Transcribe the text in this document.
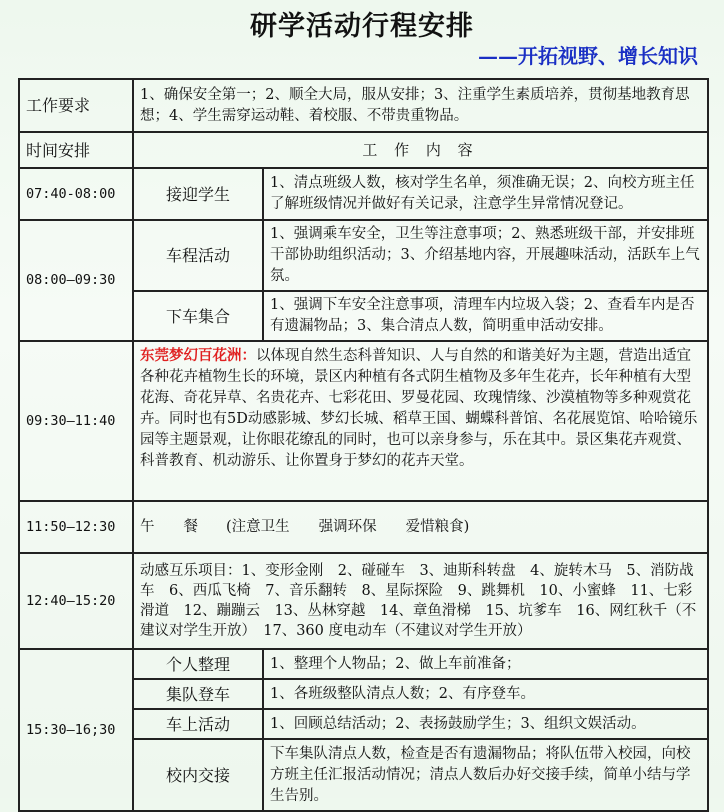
研学活动行程安排
——开拓视野、增长知识
工作要求	1、确保安全第一；2、顺全大局，服从安排；3、注重学生素质培养，贯彻基地教育思想；4、学生需穿运动鞋、着校服、不带贵重物品。	
时间安排	工 作 内 容	
07:40-08:00	接迎学生	1、清点班级人数，核对学生名单，须准确无误；2、向校方班主任了解班级情况并做好有关记录，注意学生异常情况登记。
08:00—09:30	车程活动	1、强调乘车安全，卫生等注意事项；2、熟悉班级干部，并安排班干部协助组织活动；3、介绍基地内容，开展趣味活动，活跃车上气氛。
	下车集合	1、强调下车安全注意事项，清理车内垃圾入袋；2、查看车内是否有遗漏物品；3、集合清点人数，简明重申活动安排。
09:30—11:40	东莞梦幻百花洲：以体现自然生态科普知识、人与自然的和谐美好为主题，营造出适宜各种花卉植物生长的环境，景区内种植有各式阴生植物及多年生花卉，长年种植有大型花海、奇花异草、名贵花卉、七彩花田、罗曼花园、玫瑰情缘、沙漠植物等多种观赏花卉。同时也有5D动感影城、梦幻长城、稻草王国、蝴蝶科普馆、名花展览馆、哈哈镜乐园等主题景观，让你眼花缭乱的同时，也可以亲身参与，乐在其中。景区集花卉观赏、科普教育、机动游乐、让你置身于梦幻的花卉天堂。	
11:50—12:30	午　　餐 (注意卫生　　强调环保　　爱惜粮食)	
12:40—15:20	动感互乐项目：1、变形金刚　2、碰碰车　3、迪斯科转盘　4、旋转木马　5、消防战车　6、西瓜飞椅　7、音乐翻转　8、星际探险　9、跳舞机　10、小蜜蜂　11、七彩滑道　12、蹦蹦云　13、丛林穿越　14、章鱼滑梯　15、坑爹车　16、网红秋千（不建议对学生开放）　17、360 度电动车（不建议对学生开放）	
15:30—16;30	个人整理	1、整理个人物品；2、做上车前准备；
	集队登车	1、各班级整队清点人数；2、有序登车。
	车上活动	1、回顾总结活动；2、表扬鼓励学生；3、组织文娱活动。
	校内交接	下车集队清点人数，检查是否有遗漏物品；将队伍带入校园，向校方班主任汇报活动情况；清点人数后办好交接手续，简单小结与学生告别。
